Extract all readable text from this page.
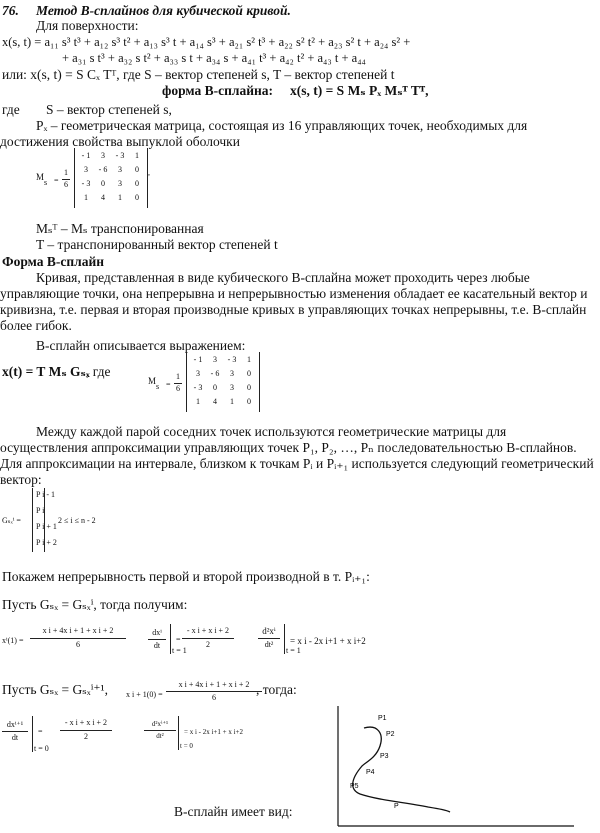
76. Метод B-сплайнов для кубической кривой.
Для поверхности:
x(s, t) = a₁₁ s³ t³ + a₁₂ s³ t² + a₁₃ s³ t + a₁₄ s³ + a₂₁ s² t³ + a₂₂ s² t² + a₂₃ s² t + a₂₄ s² +
+ a₃₁ s t³ + a₃₂ s t² + a₃₃ s t + a₃₄ s + a₄₁ t³ + a₄₂ t² + a₄₃ t + a₄₄
или: x(s, t) = S Cₓ Tᵀ, где S – вектор степеней s, T – вектор степеней t
форма B-сплайна: x(s, t) = S Mₛ Pₓ Mₛᵀ Tᵀ,
где S – вектор степеней s,
Pₓ – геометрическая матрица, состоящая из 16 управляющих точек, необходимых для достижения свойства выпуклой оболочки
M
s =
1
6
- 1	3	- 3	1
3	- 6	3	0
- 3	0	3	0
1	4	1	0
,
Mₛᵀ – Mₛ транспонированная
T – транспонированный вектор степеней t
Форма B-сплайн
Кривая, представленная в виде кубического B-сплайна может проходить через любые управляющие точки, она непрерывна и непрерывностью изменения обладает ее касательный вектор и кривизна, т.е. первая и вторая производные кривых в управляющих точках непрерывны, т.е. B-сплайн более гибок.
B-сплайн описывается выражением:
x(t) = T Mₛ Gₛₓ
, где
M
s =
1
6
- 1	3	- 3	1
3	- 6	3	0
- 3	0	3	0
1	4	1	0
Между каждой парой соседних точек используются геометрические матрицы для осуществления аппроксимации управляющих точек P₁, P₂, …, Pₙ последовательностью B-сплайнов. Для аппроксимации на интервале, близком к точкам Pᵢ и Pᵢ₊₁ используется следующий геометрический вектор:
Gₛₓⁱ =
P i - 1
P i
P i + 1
P i + 2
2 ≤ i ≤ n - 2
Покажем непрерывность первой и второй производной в т. Pᵢ₊₁:
Пусть Gₛₓ = Gₛₓⁱ, тогда получим:
xⁱ(1) =
x i + 4x i + 1 + x i + 2
6
dxⁱ
dt
t = 1
=
- x i + x i + 2
2
d²xⁱ
dt²
t = 1
= x i - 2x i+1 + x i+2
Пусть Gₛₓ = Gₛₓⁱ⁺¹, x i + 1(0) =
x i + 4x i + 1 + x i + 2
6
, тогда:
dxⁱ⁺¹
dt
t = 0
=
- x i + x i + 2
2
d²xⁱ⁺¹
dt²
t = 0
= x i - 2x i+1 + x i+2
B-сплайн имеет вид:
P1
P2
P3
P4
P5
P
